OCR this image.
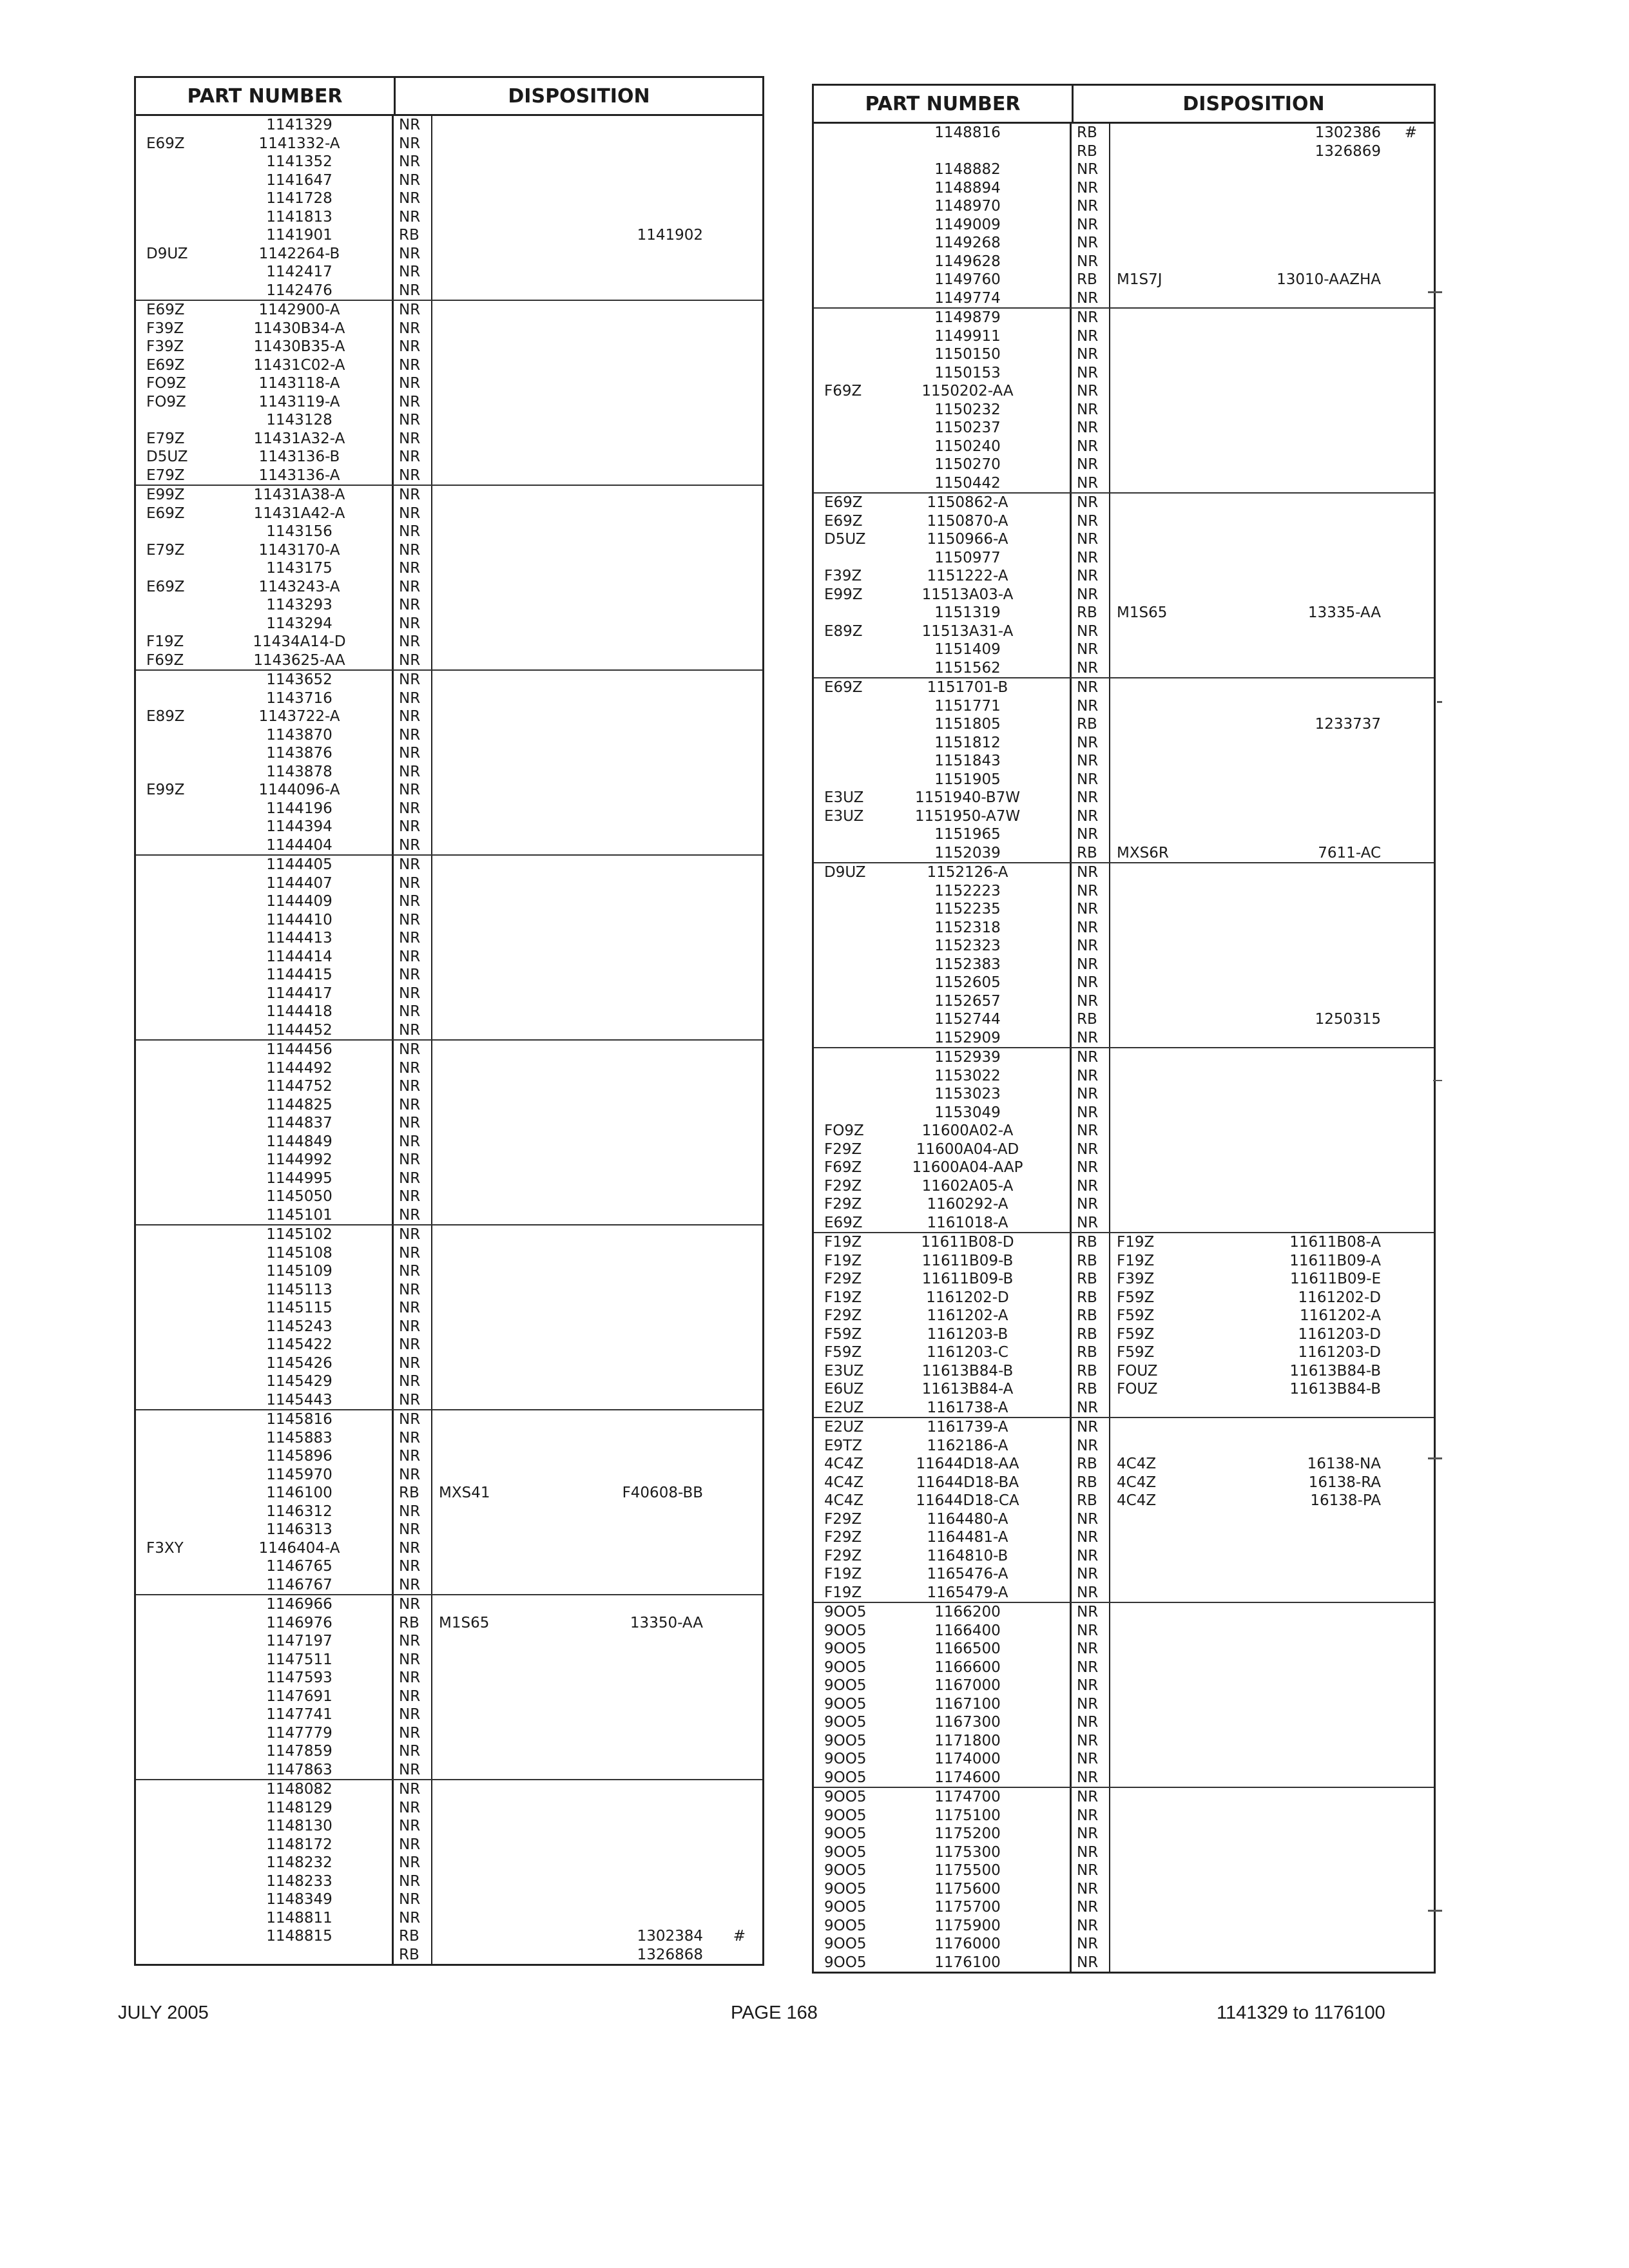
PART NUMBER	DISPOSITION
1141329	NR
E69Z	1141332-A	NR
1141352	NR
1141647	NR
1141728	NR
1141813	NR
1141901	RB	1141902
D9UZ	1142264-B	NR
1142417	NR
1142476	NR
E69Z	1142900-A	NR
F39Z	11430B34-A	NR
F39Z	11430B35-A	NR
E69Z	11431C02-A	NR
FO9Z	1143118-A	NR
FO9Z	1143119-A	NR
1143128	NR
E79Z	11431A32-A	NR
D5UZ	1143136-B	NR
E79Z	1143136-A	NR
E99Z	11431A38-A	NR
E69Z	11431A42-A	NR
1143156	NR
E79Z	1143170-A	NR
1143175	NR
E69Z	1143243-A	NR
1143293	NR
1143294	NR
F19Z	11434A14-D	NR
F69Z	1143625-AA	NR
1143652	NR
1143716	NR
E89Z	1143722-A	NR
1143870	NR
1143876	NR
1143878	NR
E99Z	1144096-A	NR
1144196	NR
1144394	NR
1144404	NR
1144405	NR
1144407	NR
1144409	NR
1144410	NR
1144413	NR
1144414	NR
1144415	NR
1144417	NR
1144418	NR
1144452	NR
1144456	NR
1144492	NR
1144752	NR
1144825	NR
1144837	NR
1144849	NR
1144992	NR
1144995	NR
1145050	NR
1145101	NR
1145102	NR
1145108	NR
1145109	NR
1145113	NR
1145115	NR
1145243	NR
1145422	NR
1145426	NR
1145429	NR
1145443	NR
1145816	NR
1145883	NR
1145896	NR
1145970	NR
1146100	RB	MXS41	F40608-BB
1146312	NR
1146313	NR
F3XY	1146404-A	NR
1146765	NR
1146767	NR
1146966	NR
1146976	RB	M1S65	13350-AA
1147197	NR
1147511	NR
1147593	NR
1147691	NR
1147741	NR
1147779	NR
1147859	NR
1147863	NR
1148082	NR
1148129	NR
1148130	NR
1148172	NR
1148232	NR
1148233	NR
1148349	NR
1148811	NR
1148815	RB	1302384	#
RB	1326868
PART NUMBER	DISPOSITION
1148816	RB	1302386	#
RB	1326869
1148882	NR
1148894	NR
1148970	NR
1149009	NR
1149268	NR
1149628	NR
1149760	RB	M1S7J	13010-AAZHA
1149774	NR
1149879	NR
1149911	NR
1150150	NR
1150153	NR
F69Z	1150202-AA	NR
1150232	NR
1150237	NR
1150240	NR
1150270	NR
1150442	NR
E69Z	1150862-A	NR
E69Z	1150870-A	NR
D5UZ	1150966-A	NR
1150977	NR
F39Z	1151222-A	NR
E99Z	11513A03-A	NR
1151319	RB	M1S65	13335-AA
E89Z	11513A31-A	NR
1151409	NR
1151562	NR
E69Z	1151701-B	NR
1151771	NR
1151805	RB	1233737
1151812	NR
1151843	NR
1151905	NR
E3UZ	1151940-B7W	NR
E3UZ	1151950-A7W	NR
1151965	NR
1152039	RB	MXS6R	7611-AC
D9UZ	1152126-A	NR
1152223	NR
1152235	NR
1152318	NR
1152323	NR
1152383	NR
1152605	NR
1152657	NR
1152744	RB	1250315
1152909	NR
1152939	NR
1153022	NR
1153023	NR
1153049	NR
FO9Z	11600A02-A	NR
F29Z	11600A04-AD	NR
F69Z	11600A04-AAP	NR
F29Z	11602A05-A	NR
F29Z	1160292-A	NR
E69Z	1161018-A	NR
F19Z	11611B08-D	RB	F19Z	11611B08-A
F19Z	11611B09-B	RB	F19Z	11611B09-A
F29Z	11611B09-B	RB	F39Z	11611B09-E
F19Z	1161202-D	RB	F59Z	1161202-D
F29Z	1161202-A	RB	F59Z	1161202-A
F59Z	1161203-B	RB	F59Z	1161203-D
F59Z	1161203-C	RB	F59Z	1161203-D
E3UZ	11613B84-B	RB	FOUZ	11613B84-B
E6UZ	11613B84-A	RB	FOUZ	11613B84-B
E2UZ	1161738-A	NR
E2UZ	1161739-A	NR
E9TZ	1162186-A	NR
4C4Z	11644D18-AA	RB	4C4Z	16138-NA
4C4Z	11644D18-BA	RB	4C4Z	16138-RA
4C4Z	11644D18-CA	RB	4C4Z	16138-PA
F29Z	1164480-A	NR
F29Z	1164481-A	NR
F29Z	1164810-B	NR
F19Z	1165476-A	NR
F19Z	1165479-A	NR
9OO5	1166200	NR
9OO5	1166400	NR
9OO5	1166500	NR
9OO5	1166600	NR
9OO5	1167000	NR
9OO5	1167100	NR
9OO5	1167300	NR
9OO5	1171800	NR
9OO5	1174000	NR
9OO5	1174600	NR
9OO5	1174700	NR
9OO5	1175100	NR
9OO5	1175200	NR
9OO5	1175300	NR
9OO5	1175500	NR
9OO5	1175600	NR
9OO5	1175700	NR
9OO5	1175900	NR
9OO5	1176000	NR
9OO5	1176100	NR
JULY 2005	PAGE 168	1141329 to 1176100
